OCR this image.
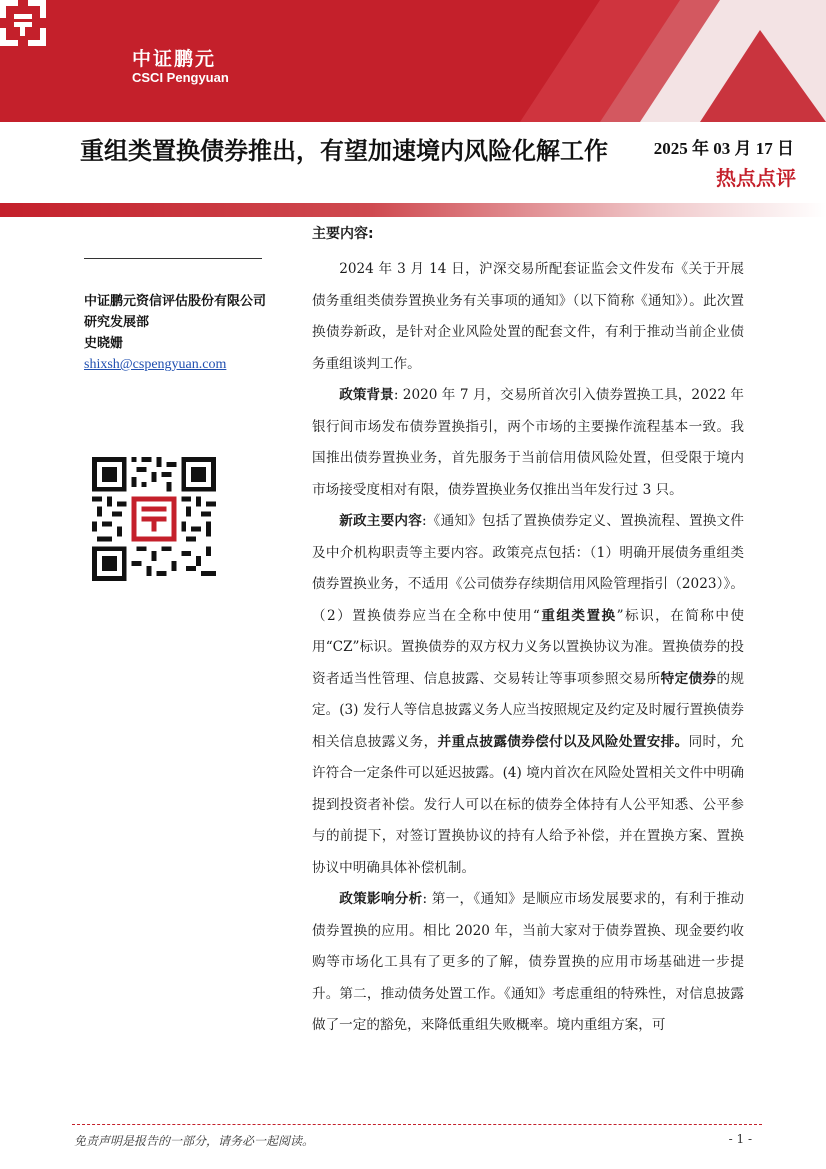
中证鹏元
CSCI Pengyuan
重组类置换债券推出，有望加速境内风险化解工作	2025 年 03 月 17 日
热点点评
中证鹏元资信评估股份有限公司
研究发展部
史晓姗
shixsh@cspengyuan.com

主要内容:

2024 年 3 月 14 日，沪深交易所配套证监会文件发布《关于开展债务重组类债券置换业务有关事项的通知》（以下简称《通知》）。此次置换债券新政，是针对企业风险处置的配套文件，有利于推动当前企业债务重组谈判工作。

政策背景: 2020 年 7 月，交易所首次引入债券置换工具，2022 年银行间市场发布债券置换指引，两个市场的主要操作流程基本一致。我国推出债券置换业务，首先服务于当前信用债风险处置，但受限于境内市场接受度相对有限，债券置换业务仅推出当年发行过 3 只。

新政主要内容:《通知》包括了置换债券定义、置换流程、置换文件及中介机构职责等主要内容。政策亮点包括：（1）明确开展债务重组类债券置换业务，不适用《公司债券存续期信用风险管理指引（2023）》。（2）置换债券应当在全称中使用“重组类置换”标识，在简称中使用“CZ”标识。置换债券的双方权力义务以置换协议为准。置换债券的投资者适当性管理、信息披露、交易转让等事项参照交易所特定债券的规定。(3) 发行人等信息披露义务人应当按照规定及约定及时履行置换债券相关信息披露义务，并重点披露债券偿付以及风险处置安排。同时，允许符合一定条件可以延迟披露。(4) 境内首次在风险处置相关文件中明确提到投资者补偿。发行人可以在标的债券全体持有人公平知悉、公平参与的前提下，对签订置换协议的持有人给予补偿，并在置换方案、置换协议中明确具体补偿机制。

政策影响分析: 第一，《通知》是顺应市场发展要求的，有利于推动债券置换的应用。相比 2020 年，当前大家对于债券置换、现金要约收购等市场化工具有了更多的了解，债券置换的应用市场基础进一步提升。第二，推动债务处置工作。《通知》考虑重组的特殊性，对信息披露做了一定的豁免，来降低重组失败概率。境内重组方案，可

免责声明是报告的一部分，请务必一起阅读。	- 1 -
